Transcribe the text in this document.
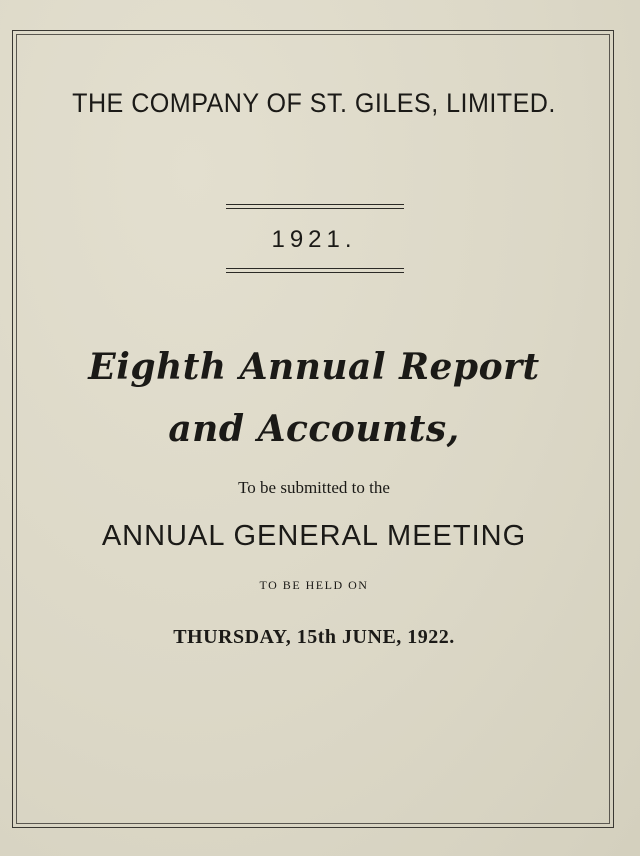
THE COMPANY OF ST. GILES, LIMITED.
1921.
Eighth Annual Report
and Accounts,
To be submitted to the
ANNUAL GENERAL MEETING
TO BE HELD ON
THURSDAY, 15th JUNE, 1922.
